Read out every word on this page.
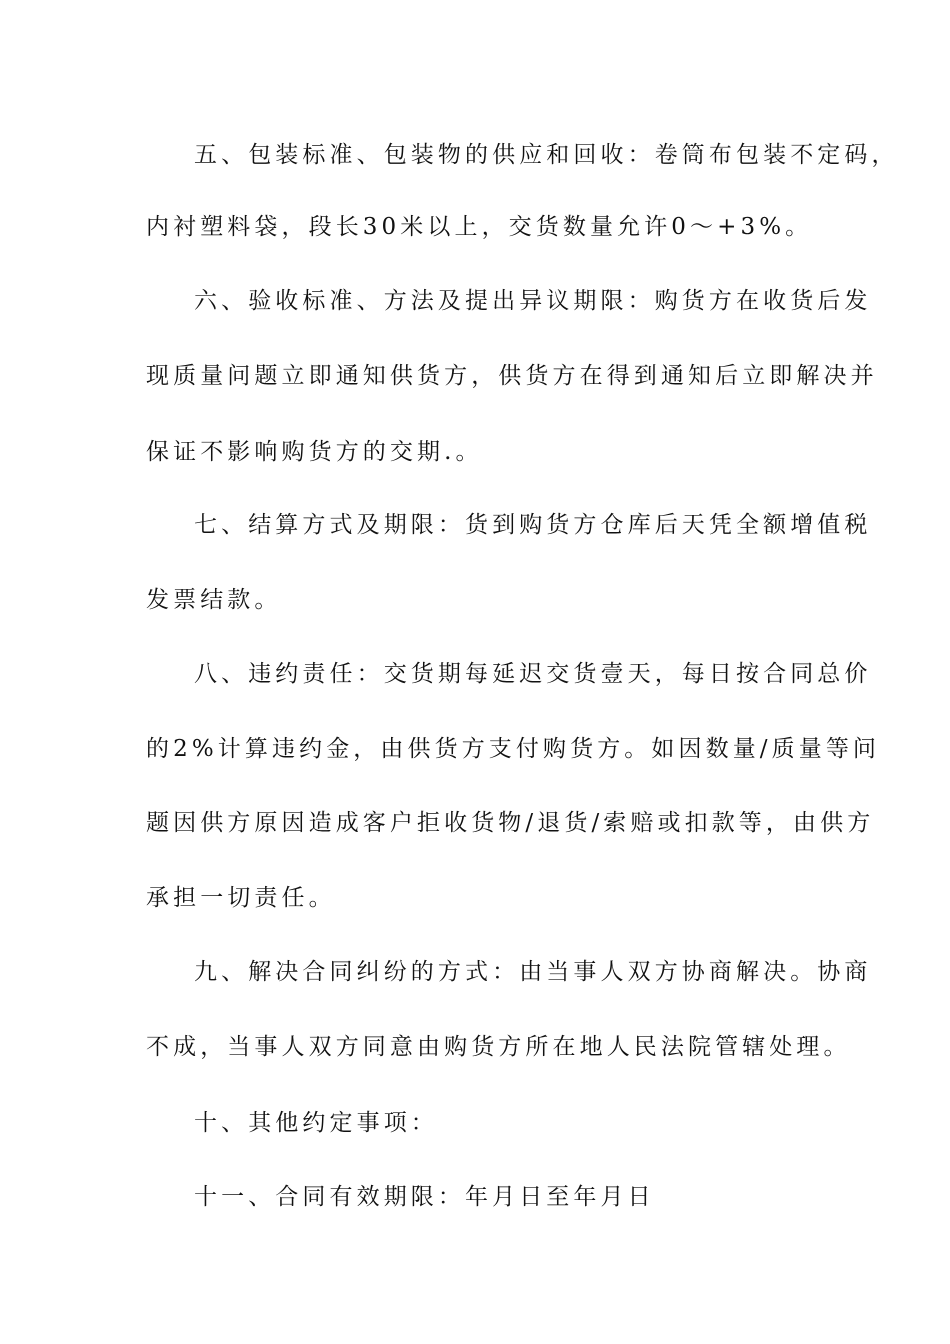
五、包装标准、包装物的供应和回收：卷筒布包装不定码，
内衬塑料袋，段长30米以上，交货数量允许0～+3%。
六、验收标准、方法及提出异议期限：购货方在收货后发
现质量问题立即通知供货方，供货方在得到通知后立即解决并
保证不影响购货方的交期.。
七、结算方式及期限：货到购货方仓库后天凭全额增值税
发票结款。
八、违约责任：交货期每延迟交货壹天，每日按合同总价
的2%计算违约金，由供货方支付购货方。如因数量/质量等问
题因供方原因造成客户拒收货物/退货/索赔或扣款等，由供方
承担一切责任。
九、解决合同纠纷的方式：由当事人双方协商解决。协商
不成，当事人双方同意由购货方所在地人民法院管辖处理。
十、其他约定事项：
十一、合同有效期限：年月日至年月日
